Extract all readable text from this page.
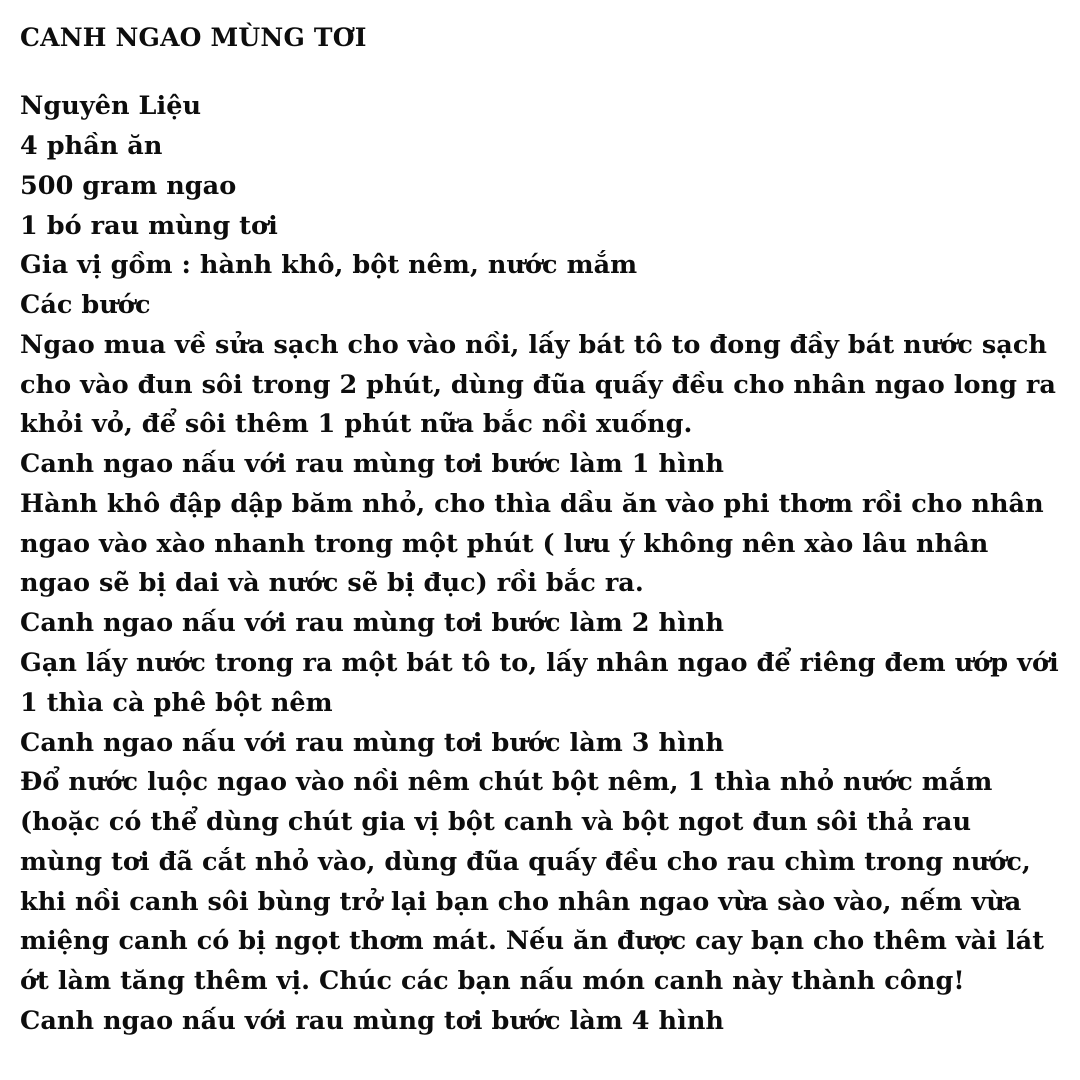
CANH NGAO MÙNG TƠI

Nguyên Liệu

4 phần ăn

500 gram ngao

1 bó rau mùng tơi

Gia vị gồm : hành khô, bột nêm, nước mắm

Các bước

Ngao mua về sửa sạch cho vào nồi, lấy bát tô to đong đầy bát nước sạch cho vào đun sôi trong 2 phút, dùng đũa quấy đều cho nhân ngao long ra khỏi vỏ, để sôi thêm 1 phút nữa bắc nồi xuống.

Canh ngao nấu với rau mùng tơi bước làm 1 hình

Hành khô đập dập băm nhỏ, cho thìa dầu ăn vào phi thơm rồi cho nhân ngao vào xào nhanh trong một phút ( lưu ý không nên xào lâu nhân ngao sẽ bị dai và nước sẽ bị đục) rồi bắc ra.

Canh ngao nấu với rau mùng tơi bước làm 2 hình

Gạn lấy nước trong ra một bát tô to, lấy nhân ngao để riêng đem ướp với 1 thìa cà phê bột nêm

Canh ngao nấu với rau mùng tơi bước làm 3 hình

Đổ nước luộc ngao vào nồi nêm chút bột nêm, 1 thìa nhỏ nước mắm (hoặc có thể dùng chút gia vị bột canh và bột ngot đun sôi thả rau mùng tơi đã cắt nhỏ vào, dùng đũa quấy đều cho rau chìm trong nước, khi nồi canh sôi bùng trở lại bạn cho nhân ngao vừa sào vào, nếm vừa miệng canh có bị ngọt thơm mát. Nếu ăn được cay bạn cho thêm vài lát ớt làm tăng thêm vị. Chúc các bạn nấu món canh này thành công!

Canh ngao nấu với rau mùng tơi bước làm 4 hình
